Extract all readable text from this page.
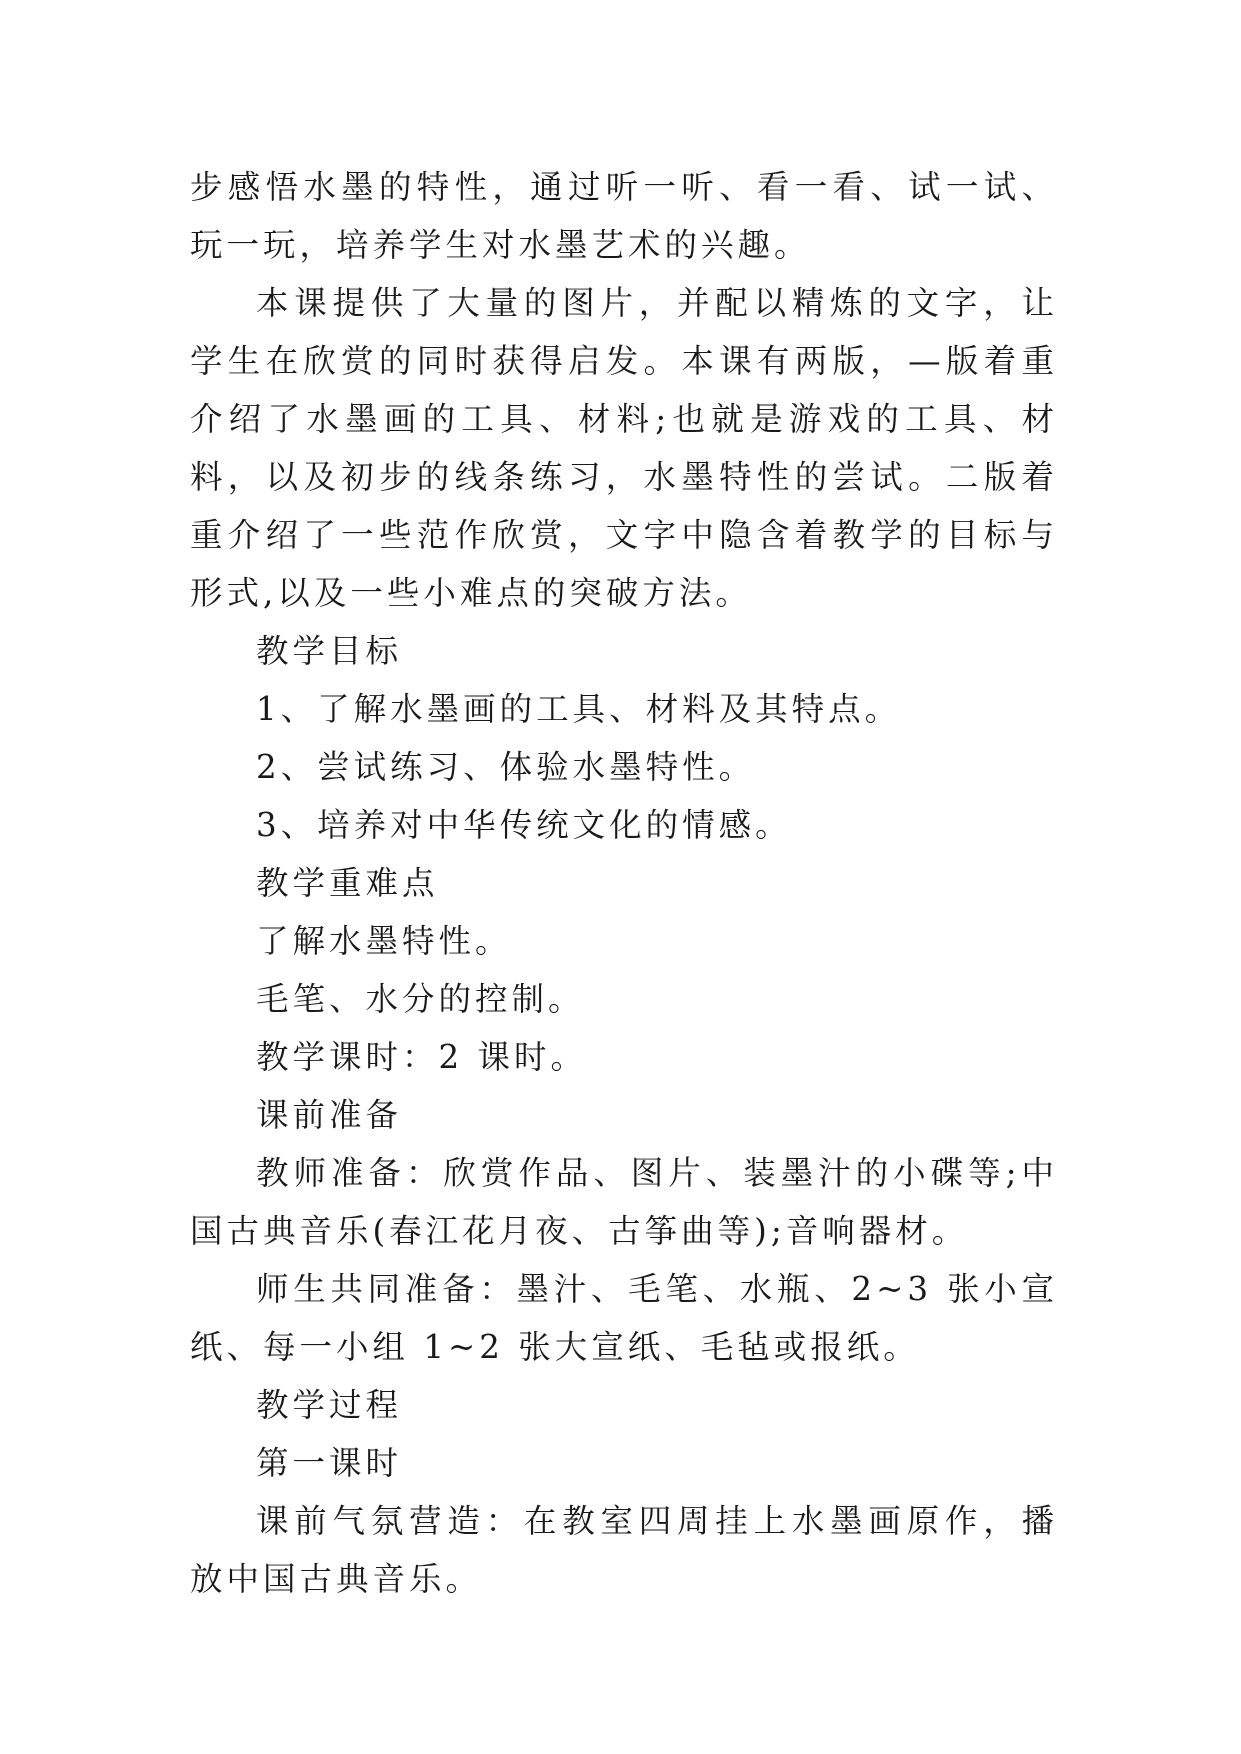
步感悟水墨的特性，通过听一听、看一看、试一试、玩一玩，培养学生对水墨艺术的兴趣。

本课提供了大量的图片，并配以精炼的文字，让学生在欣赏的同时获得启发。本课有两版，—版着重介绍了水墨画的工具、材料;也就是游戏的工具、材料，以及初步的线条练习，水墨特性的尝试。二版着重介绍了一些范作欣赏，文字中隐含着教学的目标与形式,以及一些小难点的突破方法。

教学目标

1、了解水墨画的工具、材料及其特点。

2、尝试练习、体验水墨特性。

3、培养对中华传统文化的情感。

教学重难点

了解水墨特性。

毛笔、水分的控制。

教学课时：2 课时。

课前准备

教师准备：欣赏作品、图片、装墨汁的小碟等;中国古典音乐(春江花月夜、古筝曲等);音响器材。

师生共同准备：墨汁、毛笔、水瓶、2~3 张小宣纸、每一小组 1~2 张大宣纸、毛毡或报纸。

教学过程

第一课时

课前气氛营造：在教室四周挂上水墨画原作，播放中国古典音乐。
